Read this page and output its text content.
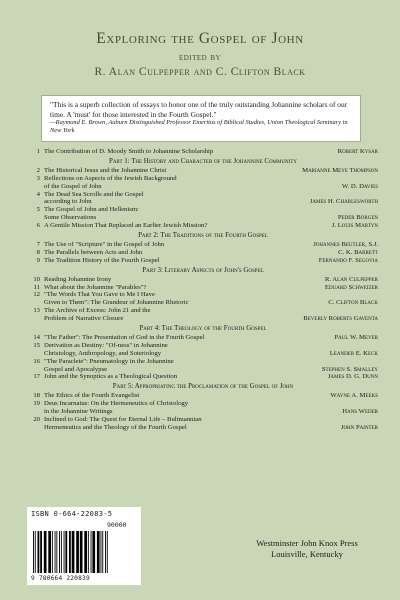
Exploring the Gospel of John
edited by
R. Alan Culpepper and C. Clifton Black
"This is a superb collection of essays to honor one of the truly outstanding Johannine scholars of our time. A 'must' for those interested in the Fourth Gospel."
—Raymond E. Brown, Auburn Distinguished Professor Emeritus of Biblical Studies, Union Theological Seminary in New York
1 The Contribution of D. Moody Smith to Johannine Scholarship	Robert Kysar
Part 1: The History and Character of the Johannine Community
2 The Historical Jesus and the Johannine Christ	Marianne Meye Thompson
3 Reflections on Aspects of the Jewish Background
of the Gospel of John	W. D. Davies
4 The Dead Sea Scrolls and the Gospel
according to John	James H. Charlesworth
5 The Gospel of John and Hellenism:
Some Observations	Peder Borgen
6 A Gentile Mission That Replaced an Earlier Jewish Mission?	J. Louis Martyn
Part 2: The Traditions of the Fourth Gospel
7 The Use of "Scripture" in the Gospel of John	Johannes Beutler, S.J.
8 The Parallels between Acts and John	C. K. Barrett
9 The Tradition History of the Fourth Gospel	Fernando F. Segovia
Part 3: Literary Aspects of John's Gospel
10 Reading Johannine Irony	R. Alan Culpepper
11 What about the Johannine "Parables"?	Eduard Schweizer
12 "The Words That You Gave to Me I Have
Given to Them": The Grandeur of Johannine Rhetoric	C. Clifton Black
13 The Archive of Excess: John 21 and the
Problem of Narrative Closure	Beverly Roberts Gaventa
Part 4: The Theology of the Fourth Gospel
14 "The Father": The Presentation of God in the Fourth Gospel	Paul W. Meyer
15 Derivation as Destiny: "Of-ness" in Johannine
Christology, Anthropology, and Soteriology	Leander E. Keck
16 "The Paraclete": Pneumatology in the Johannine
Gospel and Apocalypse	Stephen S. Smalley
17 John and the Synoptics as a Theological Question	James D. G. Dunn
Part 5: Appropriating the Proclamation of the Gospel of John
18 The Ethics of the Fourth Evangelist	Wayne A. Meeks
19 Deus Incarnatus: On the Hermeneutics of Christology
in the Johannine Writings	Hans Weder
20 Inclined to God: The Quest for Eternal Life – Bultmannian
Hermeneutics and the Theology of the Fourth Gospel	John Painter
ISBN 0-664-22083-5
90000
9 780664 220839
Westminster John Knox Press
Louisville, Kentucky
